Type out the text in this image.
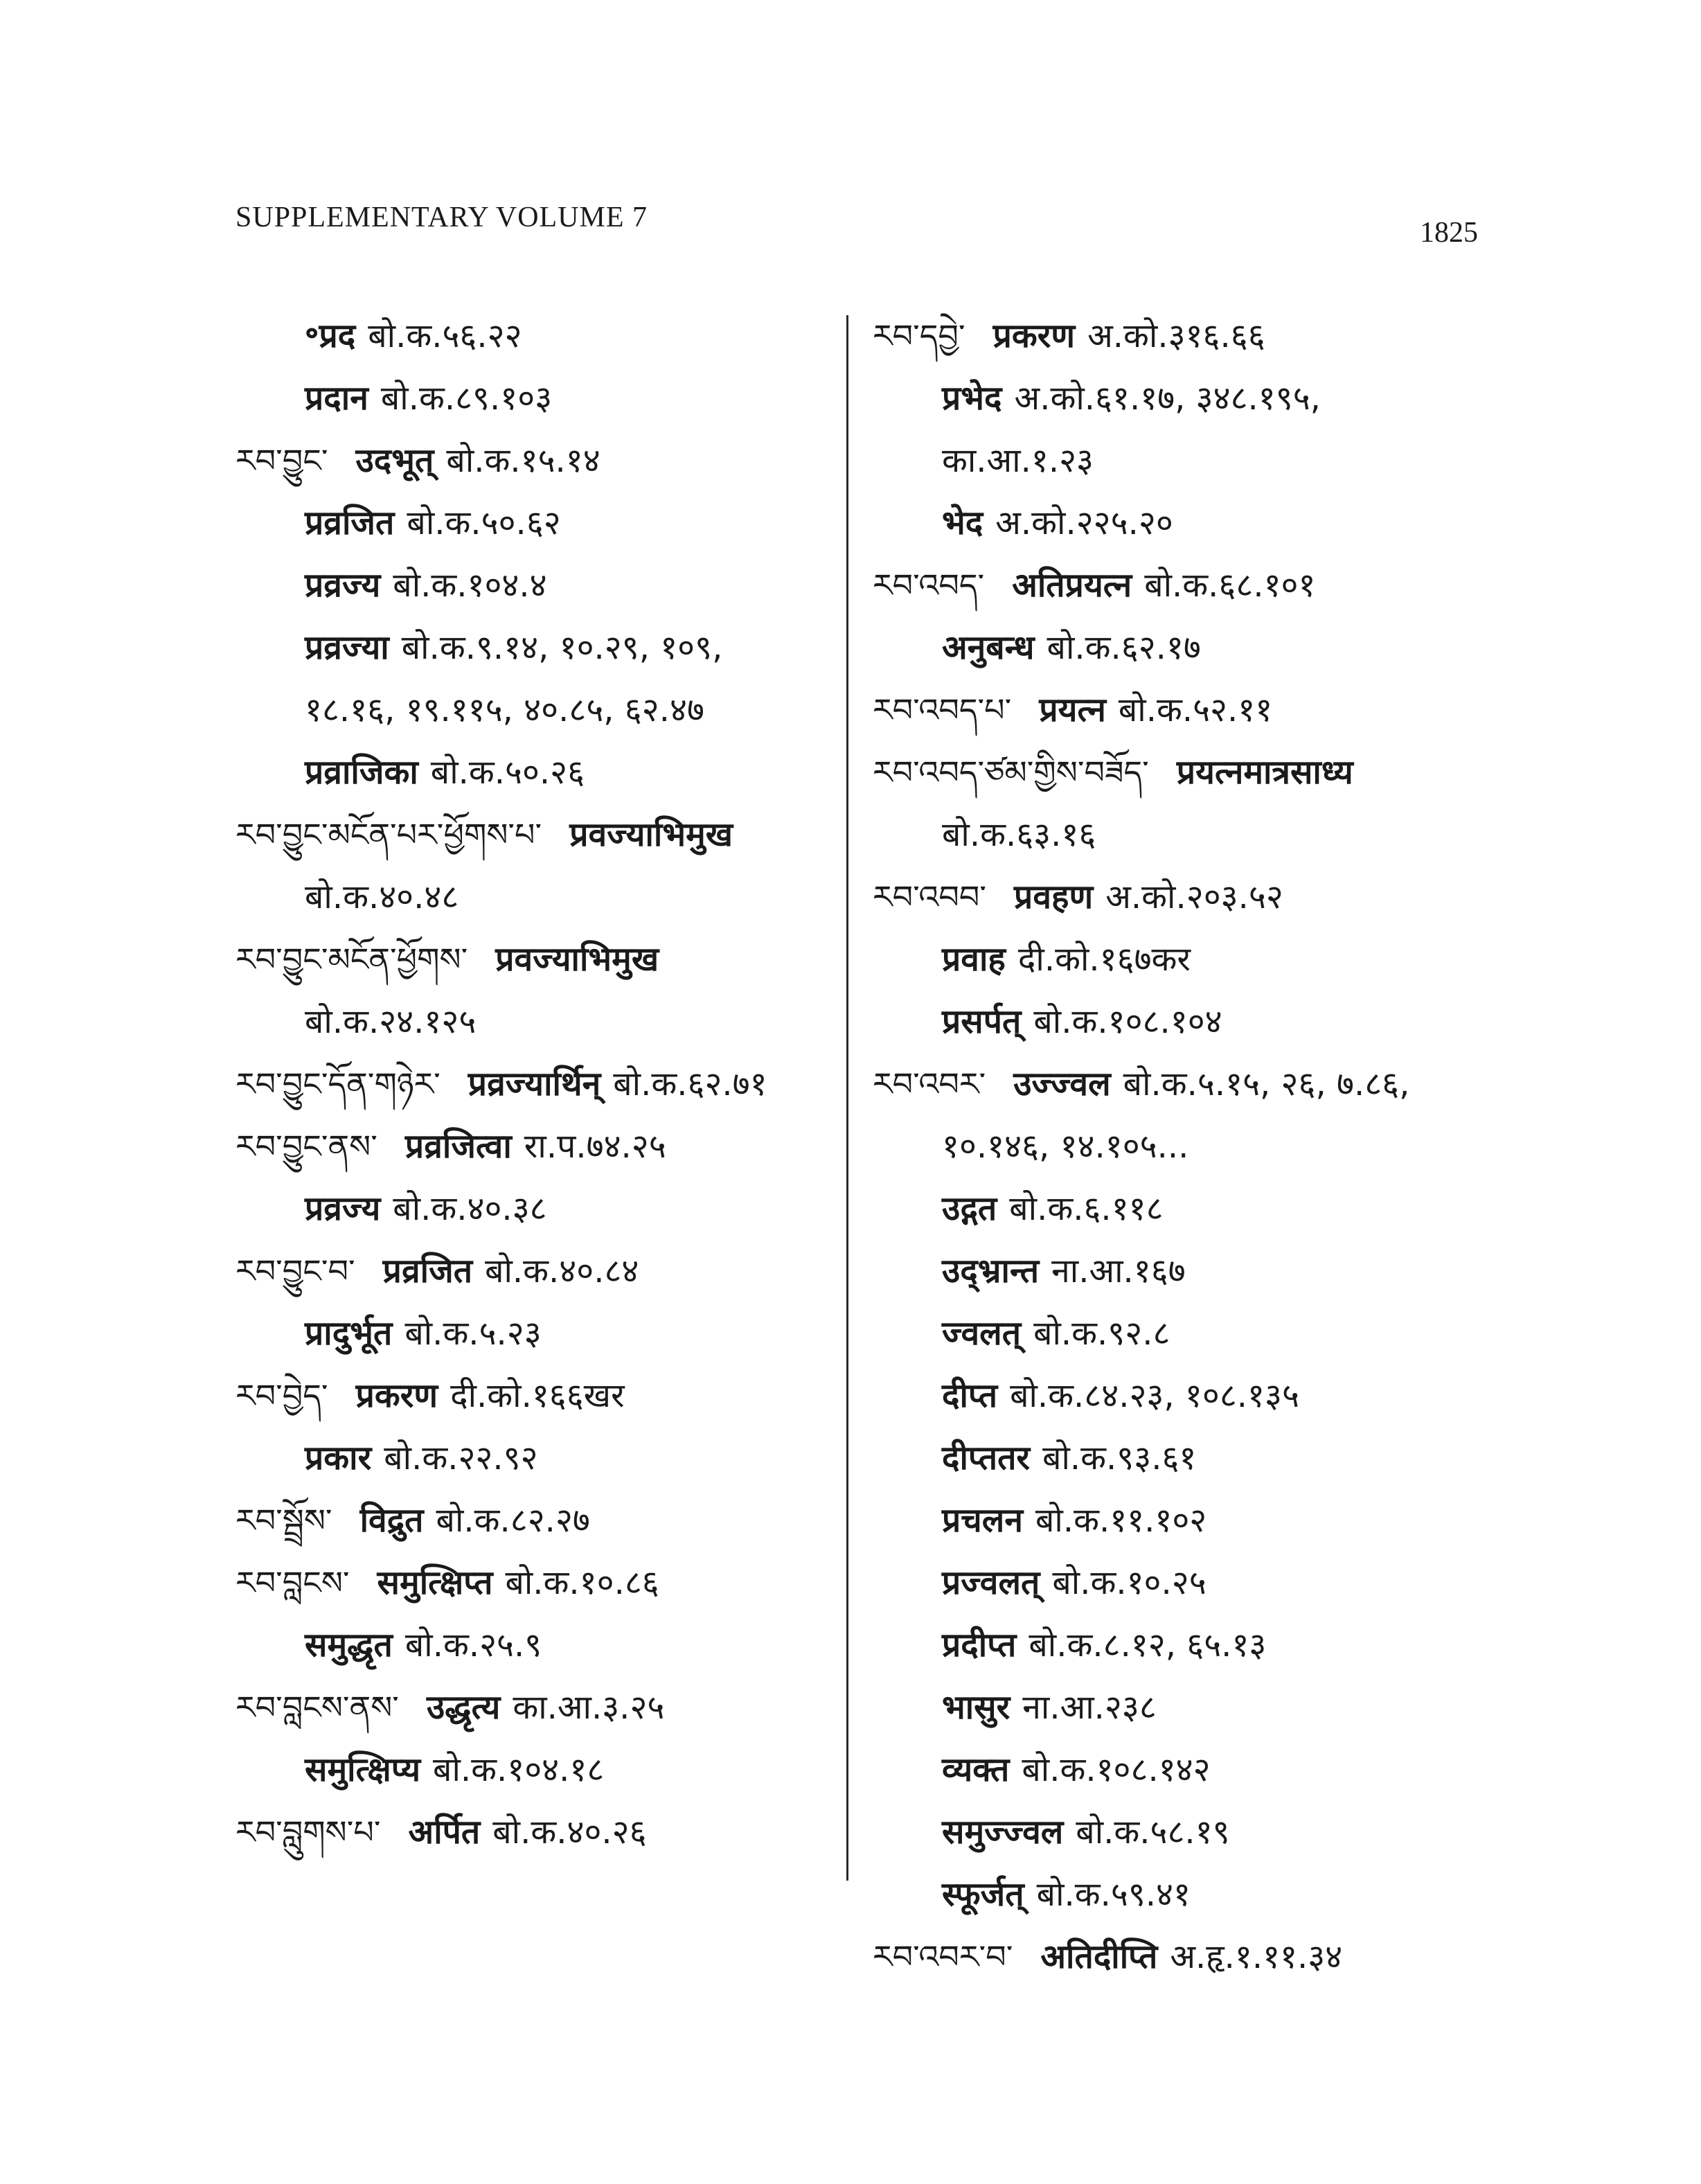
SUPPLEMENTARY VOLUME 7	1825
॰प्रद बो.क.५६.२२
प्रदान बो.क.८९.१०३
རབ་བྱུང་ उदभूत् बो.क.१५.१४
प्रव्रजित बो.क.५०.६२
प्रव्रज्य बो.क.१०४.४
प्रव्रज्या बो.क.९.१४, १०.२९, १०९,
१८.१६, १९.११५, ४०.८५, ६२.४७
प्रव्राजिका बो.क.५०.२६
རབ་བྱུང་མངོན་པར་ཕྱོགས་པ་ प्रवज्याभिमुख
बो.क.४०.४८
རབ་བྱུང་མངོན་ཕྱོགས་ प्रवज्याभिमुख
बो.क.२४.१२५
རབ་བྱུང་དོན་གཉེར་ प्रव्रज्यार्थिन् बो.क.६२.७१
རབ་བྱུང་ནས་ प्रव्रजित्वा रा.प.७४.२५
प्रव्रज्य बो.क.४०.३८
རབ་བྱུང་བ་ प्रव्रजित बो.क.४०.८४
प्रादुर्भूत बो.क.५.२३
རབ་བྱེད་ प्रकरण दी.को.१६६खर
प्रकार बो.क.२२.९२
རབ་སྦྲོས་ विद्रुत बो.क.८२.२७
རབ་བླངས་ समुत्क्षिप्त बो.क.१०.८६
समुद्धृत बो.क.२५.९
རབ་བླངས་ནས་ उद्धृत्य का.आ.३.२५
समुत्क्षिप्य बो.क.१०४.१८
རབ་བླུགས་པ་ अर्पित बो.क.४०.२६
རབ་དབྱེ་ प्रकरण अ.को.३१६.६६
प्रभेद अ.को.६१.१७, ३४८.१९५,
का.आ.१.२३
भेद अ.को.२२५.२०
རབ་འབད་ अतिप्रयत्न बो.क.६८.१०१
अनुबन्ध बो.क.६२.१७
རབ་འབད་པ་ प्रयत्न बो.क.५२.११
རབ་འབད་ཙམ་གྱིས་བཟོད་ प्रयत्नमात्रसाध्य
बो.क.६३.१६
རབ་འབབ་ प्रवहण अ.को.२०३.५२
प्रवाह दी.को.१६७कर
प्रसर्पत् बो.क.१०८.१०४
རབ་འབར་ उज्ज्वल बो.क.५.१५, २६, ७.८६,
१०.१४६, १४.१०५...
उद्गत बो.क.६.११८
उद्भ्रान्त ना.आ.१६७
ज्वलत् बो.क.९२.८
दीप्त बो.क.८४.२३, १०८.१३५
दीप्ततर बो.क.९३.६१
प्रचलन बो.क.११.१०२
प्रज्वलत् बो.क.१०.२५
प्रदीप्त बो.क.८.१२, ६५.१३
भासुर ना.आ.२३८
व्यक्त बो.क.१०८.१४२
समुज्ज्वल बो.क.५८.१९
स्फूर्जत् बो.क.५९.४१
རབ་འབར་བ་ अतिदीप्ति अ.हृ.१.११.३४
